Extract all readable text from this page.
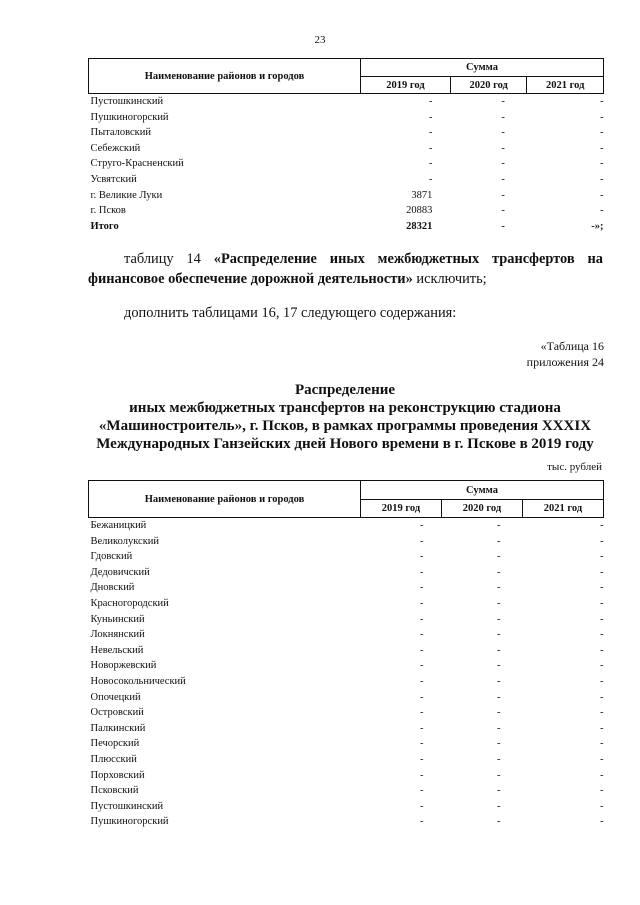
23
Наименование районов и городов	Сумма		
	2019 год	2020 год	2021 год
Пустошкинский	-	-	-
Пушкиногорский	-	-	-
Пыталовский	-	-	-
Себежский	-	-	-
Струго-Красненский	-	-	-
Усвятский	-	-	-
г. Великие Луки	3871	-	-
г. Псков	20883	-	-
Итого	28321	-	-»;
таблицу 14 «Распределение иных межбюджетных трансфертов на финансовое обеспечение дорожной деятельности» исключить;
дополнить таблицами 16, 17 следующего содержания:
«Таблица 16
приложения 24
Распределение
иных межбюджетных трансфертов на реконструкцию стадиона
«Машиностроитель», г. Псков, в рамках программы проведения XXXIX
Международных Ганзейских дней Нового времени в г. Пскове в 2019 году
тыс. рублей
Наименование районов и городов	Сумма		
	2019 год	2020 год	2021 год
Бежаницкий	-	-	-
Великолукский	-	-	-
Гдовский	-	-	-
Дедовичский	-	-	-
Дновский	-	-	-
Красногородский	-	-	-
Куньинский	-	-	-
Локнянский	-	-	-
Невельский	-	-	-
Новоржевский	-	-	-
Новосокольнический	-	-	-
Опочецкий	-	-	-
Островский	-	-	-
Палкинский	-	-	-
Печорский	-	-	-
Плюсский	-	-	-
Порховский	-	-	-
Псковский	-	-	-
Пустошкинский	-	-	-
Пушкиногорский	-	-	-
